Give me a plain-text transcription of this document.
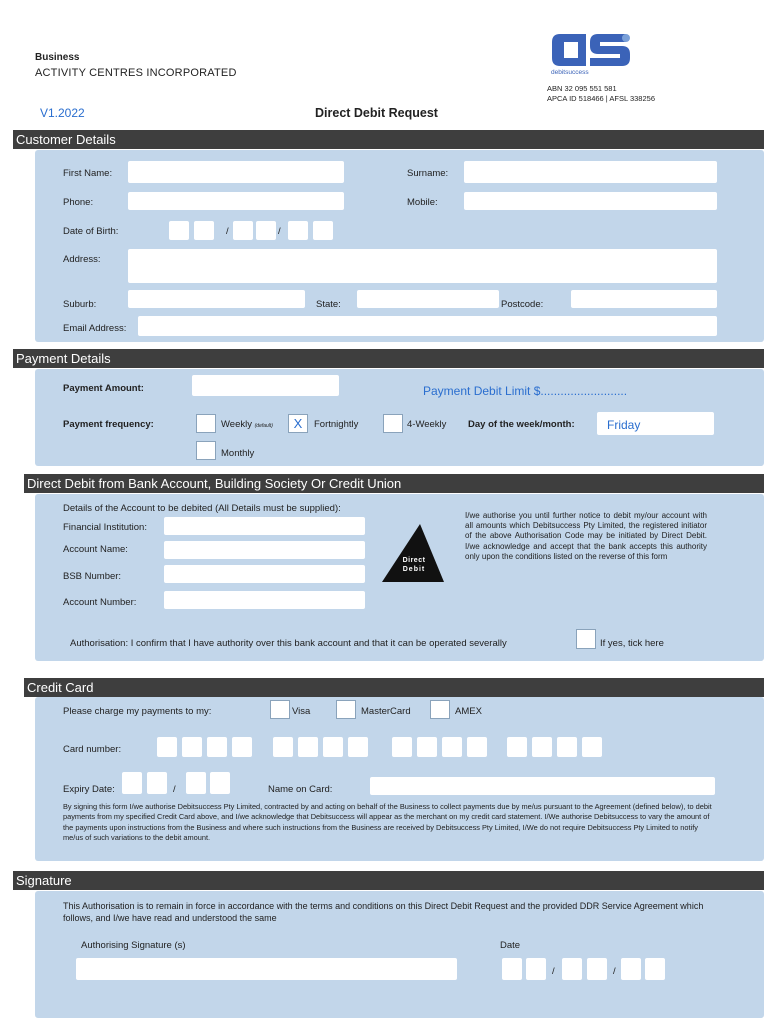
Business
ACTIVITY CENTRES INCORPORATED	debitsuccess
ABN 32 095 551 581
APCA ID 518466 | AFSL 338256
V1.2022	Direct Debit Request
Customer Details
First Name:	Surname:
Phone:	Mobile:
Date of Birth:	/	/
Address:
Suburb:	State:	Postcode:
Email Address:
Payment Details
Payment Amount:	Payment Debit Limit $..........................
Payment frequency:	Weekly (default)	X	Fortnightly	4-Weekly Day of the week/month:	Friday
Monthly
Direct Debit from Bank Account, Building Society Or Credit Union
Details of the Account to be debited (All Details must be supplied):
Financial Institution:
Account Name:
BSB Number:
Account Number:
Direct
Debit
I/we authorise you until further notice to debit my/our account with all amounts which Debitsuccess Pty Limited, the registered initiator of the above Authorisation Code may be initiated by Direct Debit. I/we acknowledge and accept that the bank accepts this authority only upon the conditions listed on the reverse of this form
Authorisation: I confirm that I have authority over this bank account and that it can be operated severally	If yes, tick here
Credit Card
Please charge my payments to my:	Visa	MasterCard	AMEX
Card number:
Expiry Date:	/	Name on Card:
By signing this form I/we authorise Debitsuccess Pty Limited, contracted by and acting on behalf of the Business to collect payments due by me/us pursuant to the Agreement (defined below), to debit payments from my specified Credit Card above, and I/we acknowledge that Debitsuccess will appear as the merchant on my credit card statement. I/We authorise Debitsuccess to vary the amount of the payments upon instructions from the Business and where such instructions from the Business are received by Debitsuccess Pty Limited, I/We do not require Debitsuccess Pty Limited to notify me/us of such variations to the debit amount.
Signature
This Authorisation is to remain in force in accordance with the terms and conditions on this Direct Debit Request and the provided DDR Service Agreement which follows, and I/we have read and understood the same
Authorising Signature (s)	Date
/	/
